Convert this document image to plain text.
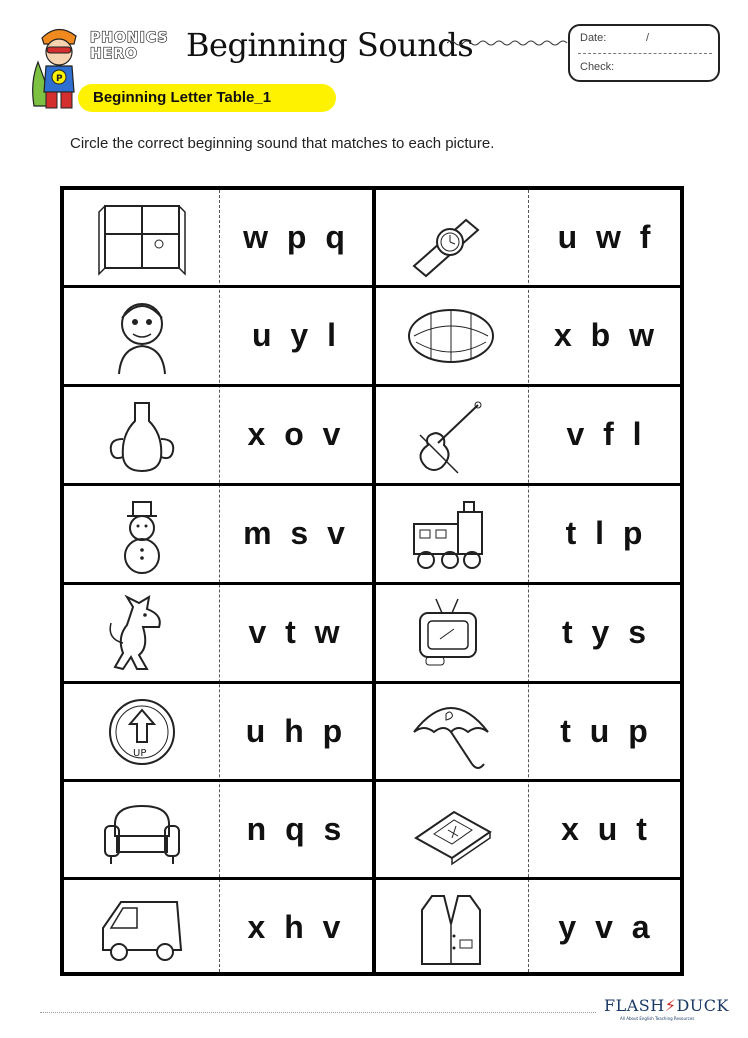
P
PHONICS
HERO Beginning Sounds	Date:	/
Check:
Beginning Letter Table_1
Circle the correct beginning sound that matches to each picture.
w p q	u w f
u y l	x b w
x o v	v f l
m s v	t l p
v t w	t y s
UP
u h p	t u p
n q s	x u t
x h v	y v a
FLASH⚡DUCK
All About English Teaching Resources
